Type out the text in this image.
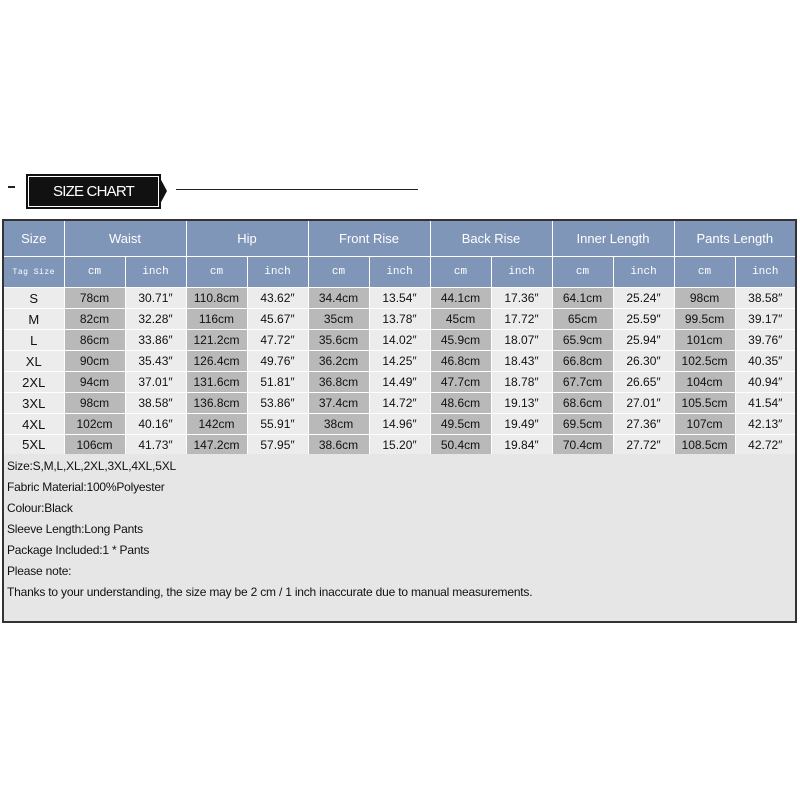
SIZE CHART
Size	Waist		Hip		Front Rise		Back Rise		Inner Length		Pants Length	
Tag Size	cm	inch	cm	inch	cm	inch	cm	inch	cm	inch	cm	inch
S	78cm	30.71″	110.8cm	43.62″	34.4cm	13.54″	44.1cm	17.36″	64.1cm	25.24″	98cm	38.58″
M	82cm	32.28″	116cm	45.67″	35cm	13.78″	45cm	17.72″	65cm	25.59″	99.5cm	39.17″
L	86cm	33.86″	121.2cm	47.72″	35.6cm	14.02″	45.9cm	18.07″	65.9cm	25.94″	101cm	39.76″
XL	90cm	35.43″	126.4cm	49.76″	36.2cm	14.25″	46.8cm	18.43″	66.8cm	26.30″	102.5cm	40.35″
2XL	94cm	37.01″	131.6cm	51.81″	36.8cm	14.49″	47.7cm	18.78″	67.7cm	26.65″	104cm	40.94″
3XL	98cm	38.58″	136.8cm	53.86″	37.4cm	14.72″	48.6cm	19.13″	68.6cm	27.01″	105.5cm	41.54″
4XL	102cm	40.16″	142cm	55.91″	38cm	14.96″	49.5cm	19.49″	69.5cm	27.36″	107cm	42.13″
5XL	106cm	41.73″	147.2cm	57.95″	38.6cm	15.20″	50.4cm	19.84″	70.4cm	27.72″	108.5cm	42.72″
Size:S,M,L,XL,2XL,3XL,4XL,5XL
Fabric Material:100%Polyester
Colour:Black
Sleeve Length:Long Pants
Package Included:1 * Pants
Please note:
Thanks to your understanding, the size may be 2 cm / 1 inch inaccurate due to manual measurements.
